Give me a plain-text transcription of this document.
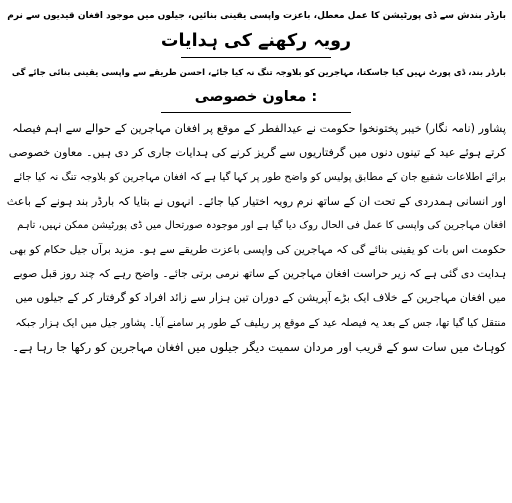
بارڈر بندش سے ڈی پورٹیشن کا عمل معطل، باعزت واپسی یقینی بنائیں، جیلوں میں موجود افغان قیدیوں سے نرم

رویہ رکھنے کی ہدایات

بارڈر بند، ڈی پورٹ نہیں کیا جاسکتا، مہاجرین کو بلاوجہ تنگ نہ کیا جائے، احسن طریقے سے واپسی یقینی بنائی جائے گی

: معاون خصوصی

پشاور (نامہ نگار) خیبر پختونخوا حکومت نے عیدالفطر کے موقع پر افغان مہاجرین کے حوالے سے اہم فیصلہ

کرتے ہوئے عید کے تینوں دنوں میں گرفتاریوں سے گریز کرنے کی ہدایات جاری کر دی ہیں۔ معاون خصوصی

برائے اطلاعات شفیع جان کے مطابق پولیس کو واضح طور پر کہا گیا ہے کہ افغان مہاجرین کو بلاوجہ تنگ نہ کیا جائے

اور انسانی ہمدردی کے تحت ان کے ساتھ نرم رویہ اختیار کیا جائے۔ انہوں نے بتایا کہ بارڈر بند ہونے کے باعث

افغان مہاجرین کی واپسی کا عمل فی الحال روک دیا گیا ہے اور موجودہ صورتحال میں ڈی پورٹیشن ممکن نہیں، تاہم

حکومت اس بات کو یقینی بنائے گی کہ مہاجرین کی واپسی باعزت طریقے سے ہو۔ مزید برآں جیل حکام کو بھی

ہدایت دی گئی ہے کہ زیر حراست افغان مہاجرین کے ساتھ نرمی برتی جائے۔ واضح رہے کہ چند روز قبل صوبے

میں افغان مہاجرین کے خلاف ایک بڑے آپریشن کے دوران تین ہزار سے زائد افراد کو گرفتار کر کے جیلوں میں

منتقل کیا گیا تھا، جس کے بعد یہ فیصلہ عید کے موقع پر ریلیف کے طور پر سامنے آیا۔ پشاور جیل میں ایک ہزار جبکہ

کوہاٹ میں سات سو کے قریب اور مردان سمیت دیگر جیلوں میں افغان مہاجرین کو رکھا جا رہا ہے۔
